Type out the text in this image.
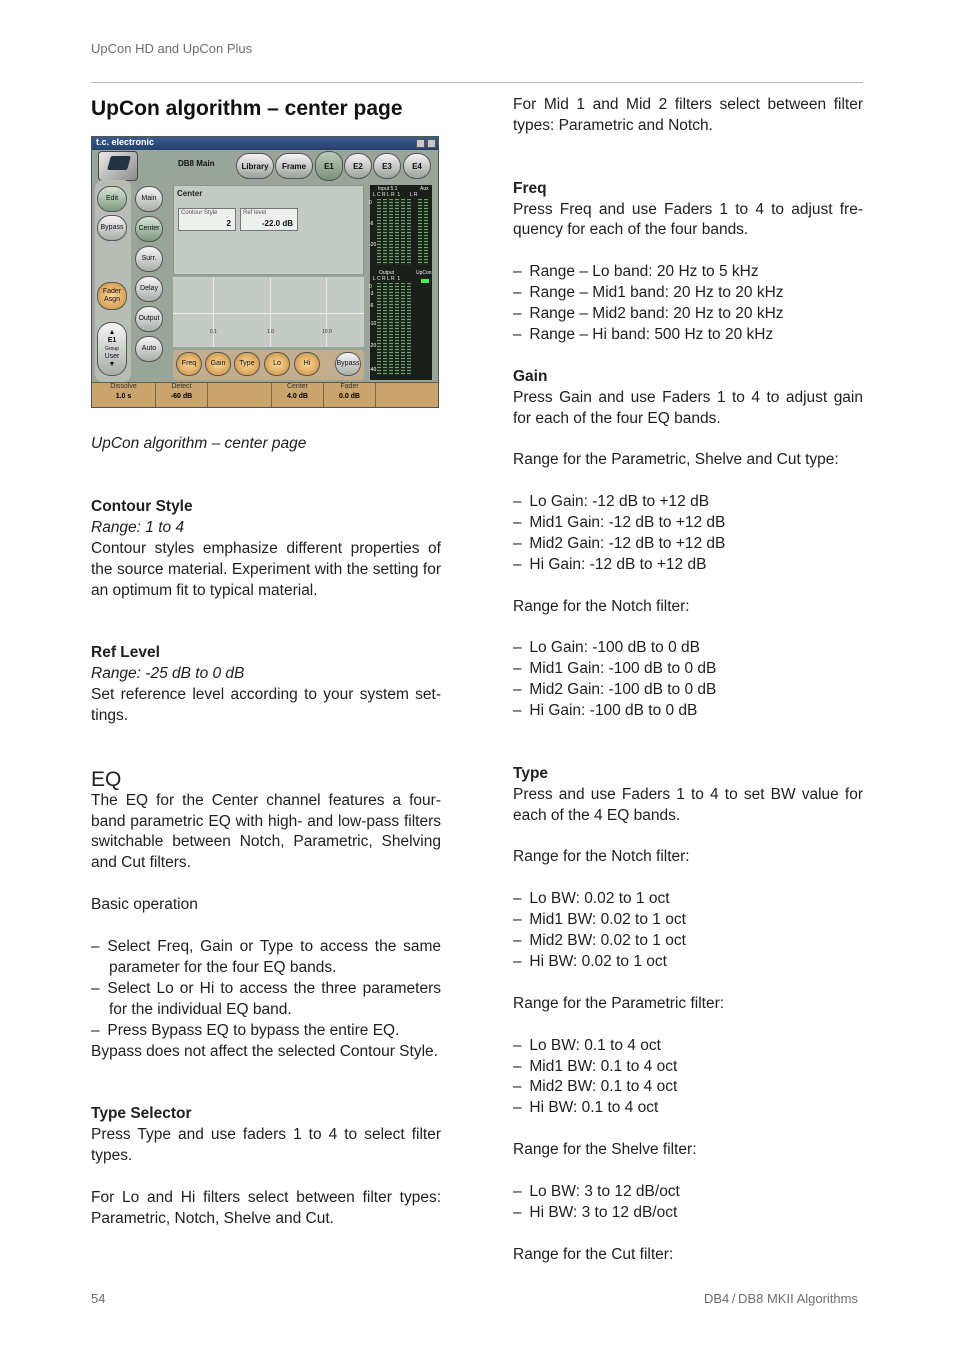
UpCon HD and UpCon Plus
UpCon algorithm – center page
t.c. electronic
DB8 Main	Library	Frame	E1	E2	E3	E4
Edit
Bypass
Fader Asgn
▲
E1
Group
User
▼
Main
Center
Surr.
Delay
Output
Auto
Center
Contour Style
2
Ref level
-22.0 dB
0.1	1.0	10.0
Freq	Gain	Type	Lo	Hi	Bypass
Input 5.1	Aux
L C R L R  1       L R
0
-6
-20
Output	UpCon
L C R L R  1
0
-3
-6
-10
-20
-40
Dissolve
1.0 s
Detect
-60 dB
Center
4.0 dB
Fader
0.0 dB

UpCon algorithm – center page

Contour Style
Range: 1 to 4

Contour styles emphasize different properties of the source material. Experiment with the setting for an optimum fit to typical material.

Ref Level
Range: -25 dB to 0 dB

Set reference level according to your system set-tings.

EQ

The EQ for the Center channel features a four-band parametric EQ with high- and low-pass filters switchable between Notch, Parametric, Shelving and Cut filters.

Basic operation

– Select Freq, Gain or Type to access the same parameter for the four EQ bands.

– Select Lo or Hi to access the three parameters for the individual EQ band.

– Press Bypass EQ to bypass the entire EQ.

Bypass does not affect the selected Contour Style.

Type Selector

Press Type and use faders 1 to 4 to select filter types.

For Lo and Hi filters select between filter types: Parametric, Notch, Shelve and Cut.

For Mid 1 and Mid 2 filters select between filter types: Parametric and Notch.

Freq

Press Freq and use Faders 1 to 4 to adjust fre-quency for each of the four bands.

– Range – Lo band: 20 Hz to 5 kHz

– Range – Mid1 band: 20 Hz to 20 kHz

– Range – Mid2 band: 20 Hz to 20 kHz

– Range – Hi band: 500 Hz to 20 kHz

Gain

Press Gain and use Faders 1 to 4 to adjust gain for each of the four EQ bands.

Range for the Parametric, Shelve and Cut type:

– Lo Gain: -12 dB to +12 dB

– Mid1 Gain: -12 dB to +12 dB

– Mid2 Gain: -12 dB to +12 dB

– Hi Gain: -12 dB to +12 dB

Range for the Notch filter:

– Lo Gain: -100 dB to 0 dB

– Mid1 Gain: -100 dB to 0 dB

– Mid2 Gain: -100 dB to 0 dB

– Hi Gain: -100 dB to 0 dB

Type

Press and use Faders 1 to 4 to set BW value for each of the 4 EQ bands.

Range for the Notch filter:

– Lo BW: 0.02 to 1 oct

– Mid1 BW: 0.02 to 1 oct

– Mid2 BW: 0.02 to 1 oct

– Hi BW: 0.02 to 1 oct

Range for the Parametric filter:

– Lo BW: 0.1 to 4 oct

– Mid1 BW: 0.1 to 4 oct

– Mid2 BW: 0.1 to 4 oct

– Hi BW: 0.1 to 4 oct

Range for the Shelve filter:

– Lo BW: 3 to 12 dB/oct

– Hi BW: 3 to 12 dB/oct

Range for the Cut filter:

54	DB4 / DB8 MKII Algorithms
